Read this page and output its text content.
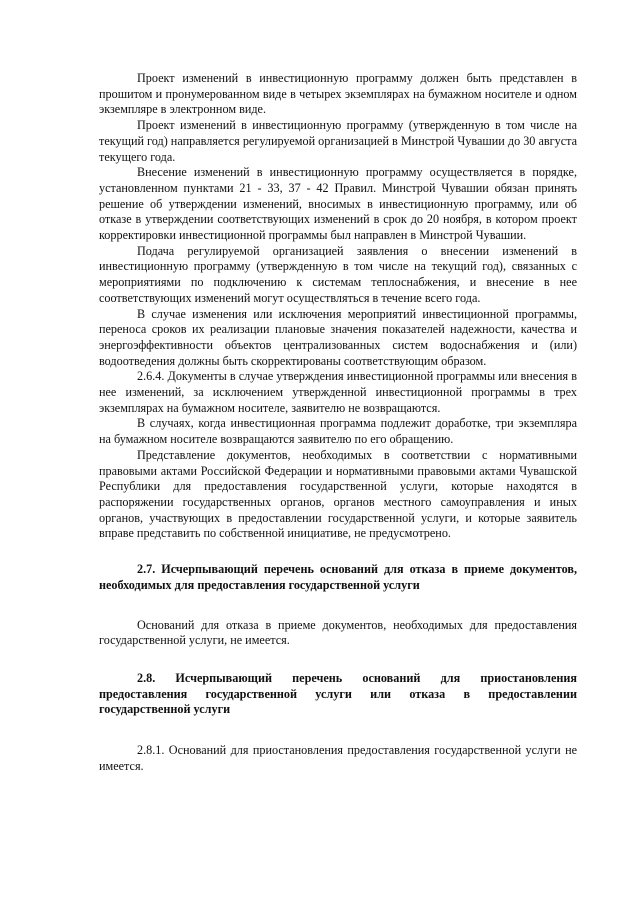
Проект изменений в инвестиционную программу должен быть представлен в прошитом и пронумерованном виде в четырех экземплярах на бумажном носителе и одном экземпляре в электронном виде.

Проект изменений в инвестиционную программу (утвержденную в том числе на текущий год) направляется регулируемой организацией в Минстрой Чувашии до 30 августа текущего года.

Внесение изменений в инвестиционную программу осуществляется в порядке, установленном пунктами 21 - 33, 37 - 42 Правил. Минстрой Чувашии обязан принять решение об утверждении изменений, вносимых в инвестиционную программу, или об отказе в утверждении соответствующих изменений в срок до 20 ноября, в котором проект корректировки инвестиционной программы был направлен в Минстрой Чувашии.

Подача регулируемой организацией заявления о внесении изменений в инвестиционную программу (утвержденную в том числе на текущий год), связанных с мероприятиями по подключению к системам теплоснабжения, и внесение в нее соответствующих изменений могут осуществляться в течение всего года.

В случае изменения или исключения мероприятий инвестиционной программы, переноса сроков их реализации плановые значения показателей надежности, качества и энергоэффективности объектов централизованных систем водоснабжения и (или) водоотведения должны быть скорректированы соответствующим образом.

2.6.4. Документы в случае утверждения инвестиционной программы или внесения в нее изменений, за исключением утвержденной инвестиционной программы в трех экземплярах на бумажном носителе, заявителю не возвращаются.

В случаях, когда инвестиционная программа подлежит доработке, три экземпляра на бумажном носителе возвращаются заявителю по его обращению.

Представление документов, необходимых в соответствии с нормативными правовыми актами Российской Федерации и нормативными правовыми актами Чувашской Республики для предоставления государственной услуги, которые находятся в распоряжении государственных органов, органов местного самоуправления и иных органов, участвующих в предоставлении государственной услуги, и которые заявитель вправе представить по собственной инициативе, не предусмотрено.

2.7. Исчерпывающий перечень оснований для отказа в приеме документов, необходимых для предоставления государственной услуги

Оснований для отказа в приеме документов, необходимых для предоставления государственной услуги, не имеется.

2.8. Исчерпывающий перечень оснований для приостановления предоставления государственной услуги или отказа в предоставлении государственной услуги

2.8.1. Оснований для приостановления предоставления государственной услуги не имеется.
